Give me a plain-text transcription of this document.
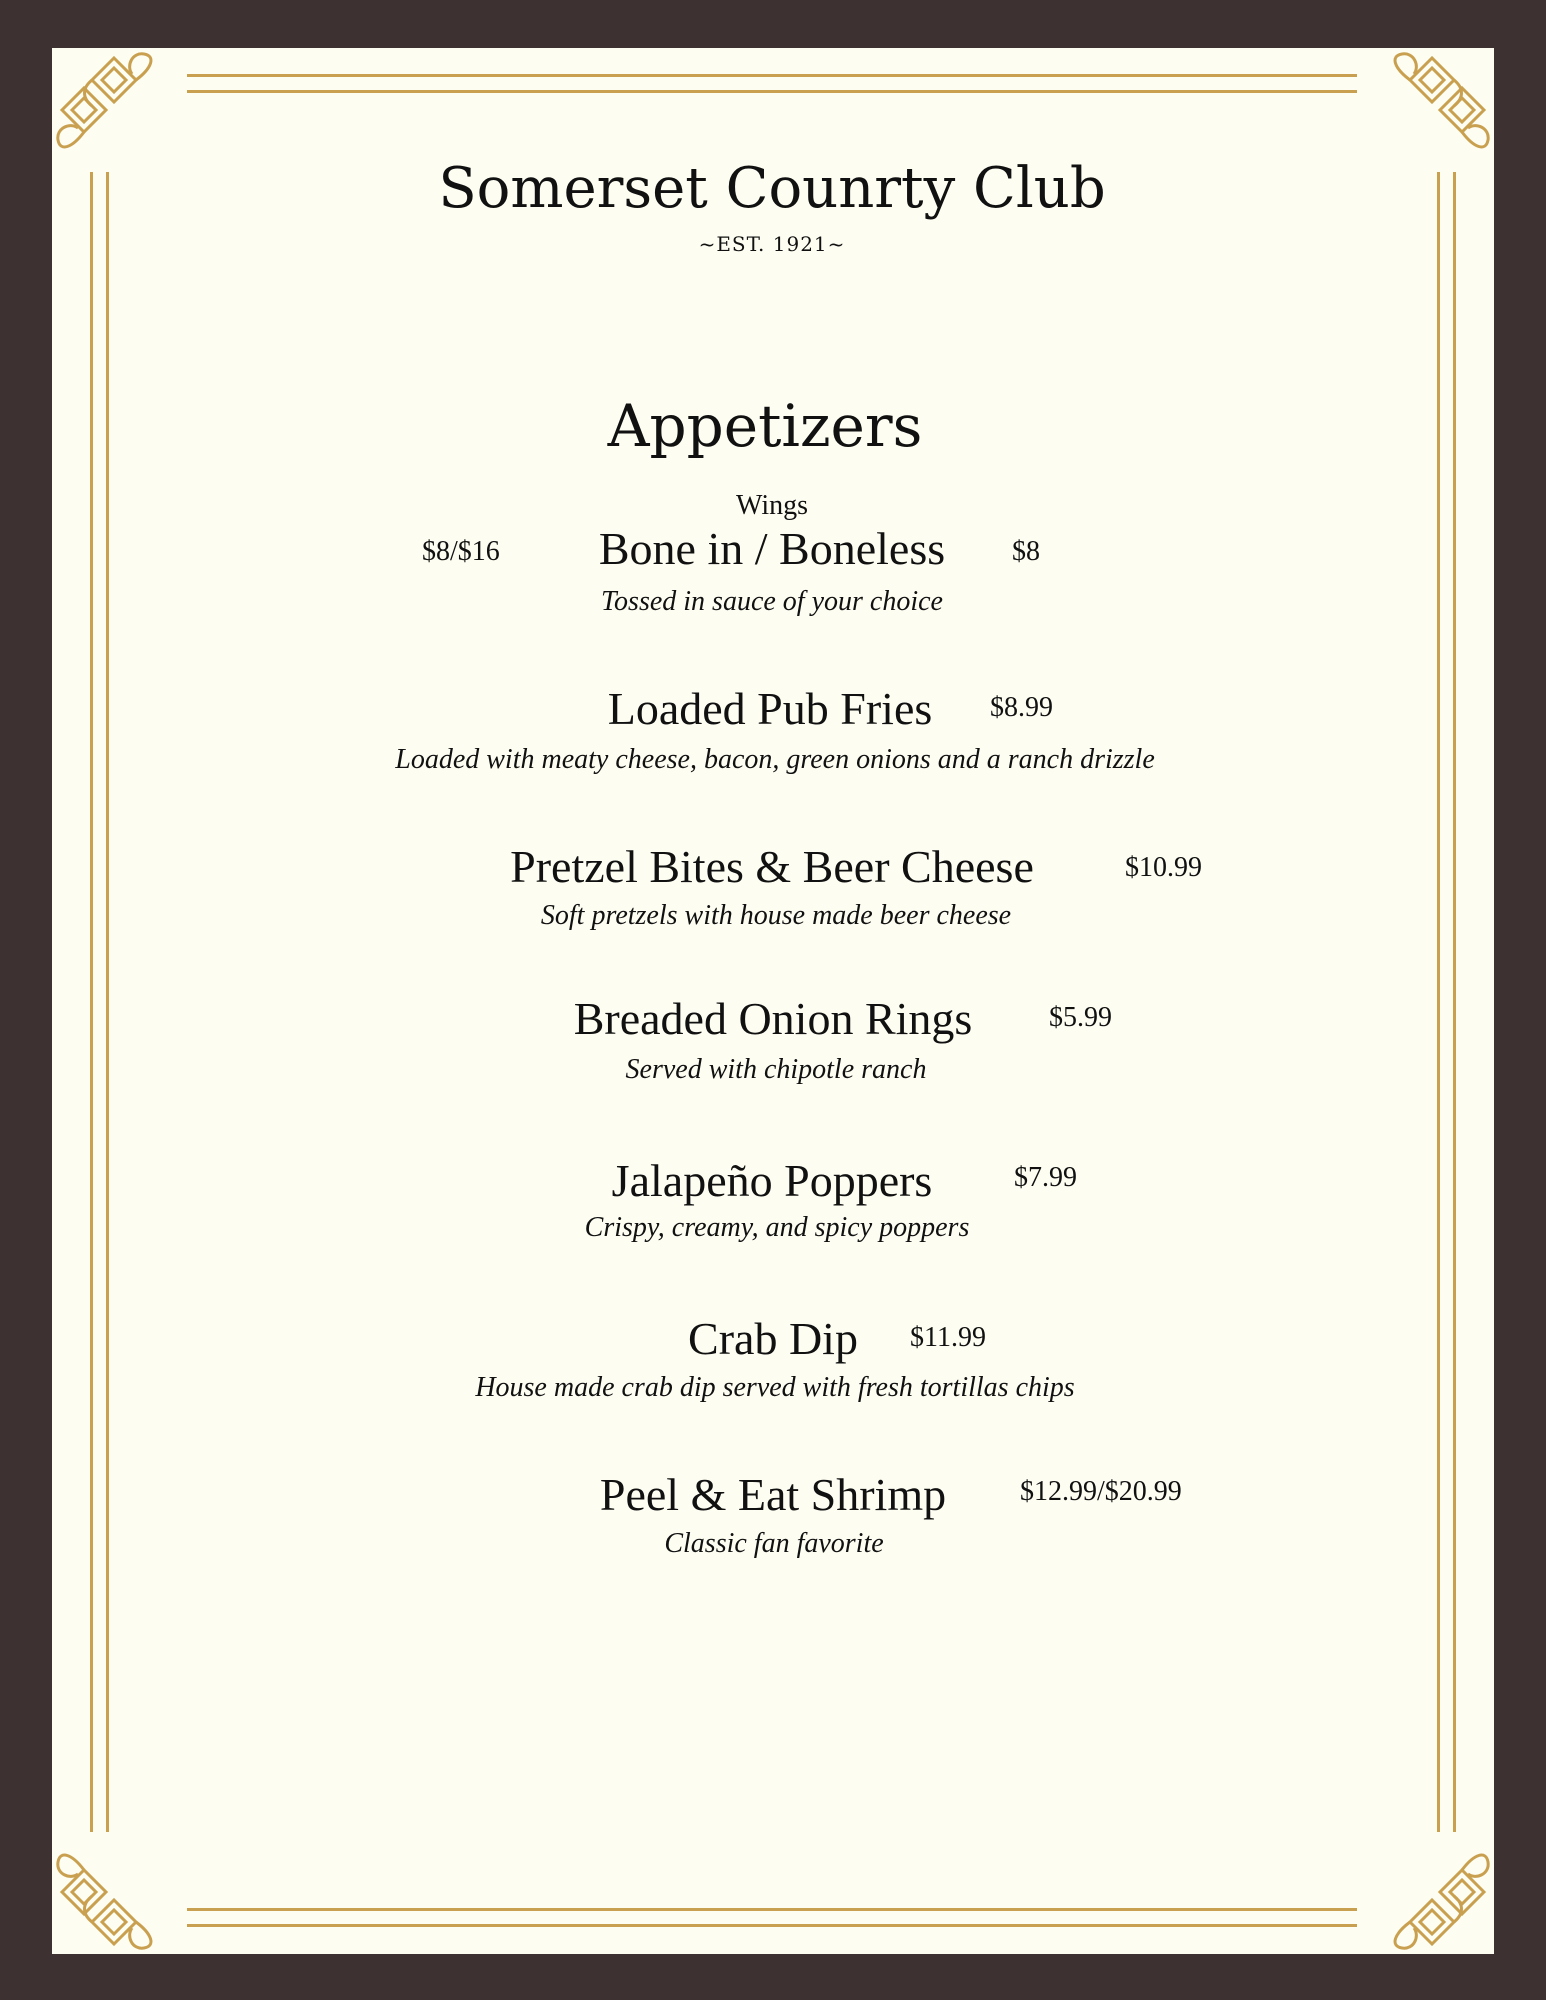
Somerset Counrty Club
~EST. 1921~
Appetizers
Wings
$8/$16 Bone in / Boneless $8
Tossed in sauce of your choice
Loaded Pub Fries $8.99
Loaded with meaty cheese, bacon, green onions and a ranch drizzle
Pretzel Bites & Beer Cheese	$10.99
Soft pretzels with house made beer cheese
Breaded Onion Rings	$5.99
Served with chipotle ranch
Jalapeño Poppers	$7.99
Crispy, creamy, and spicy poppers
Crab Dip $11.99
House made crab dip served with fresh tortillas chips
Peel & Eat Shrimp	$12.99/$20.99
Classic fan favorite
